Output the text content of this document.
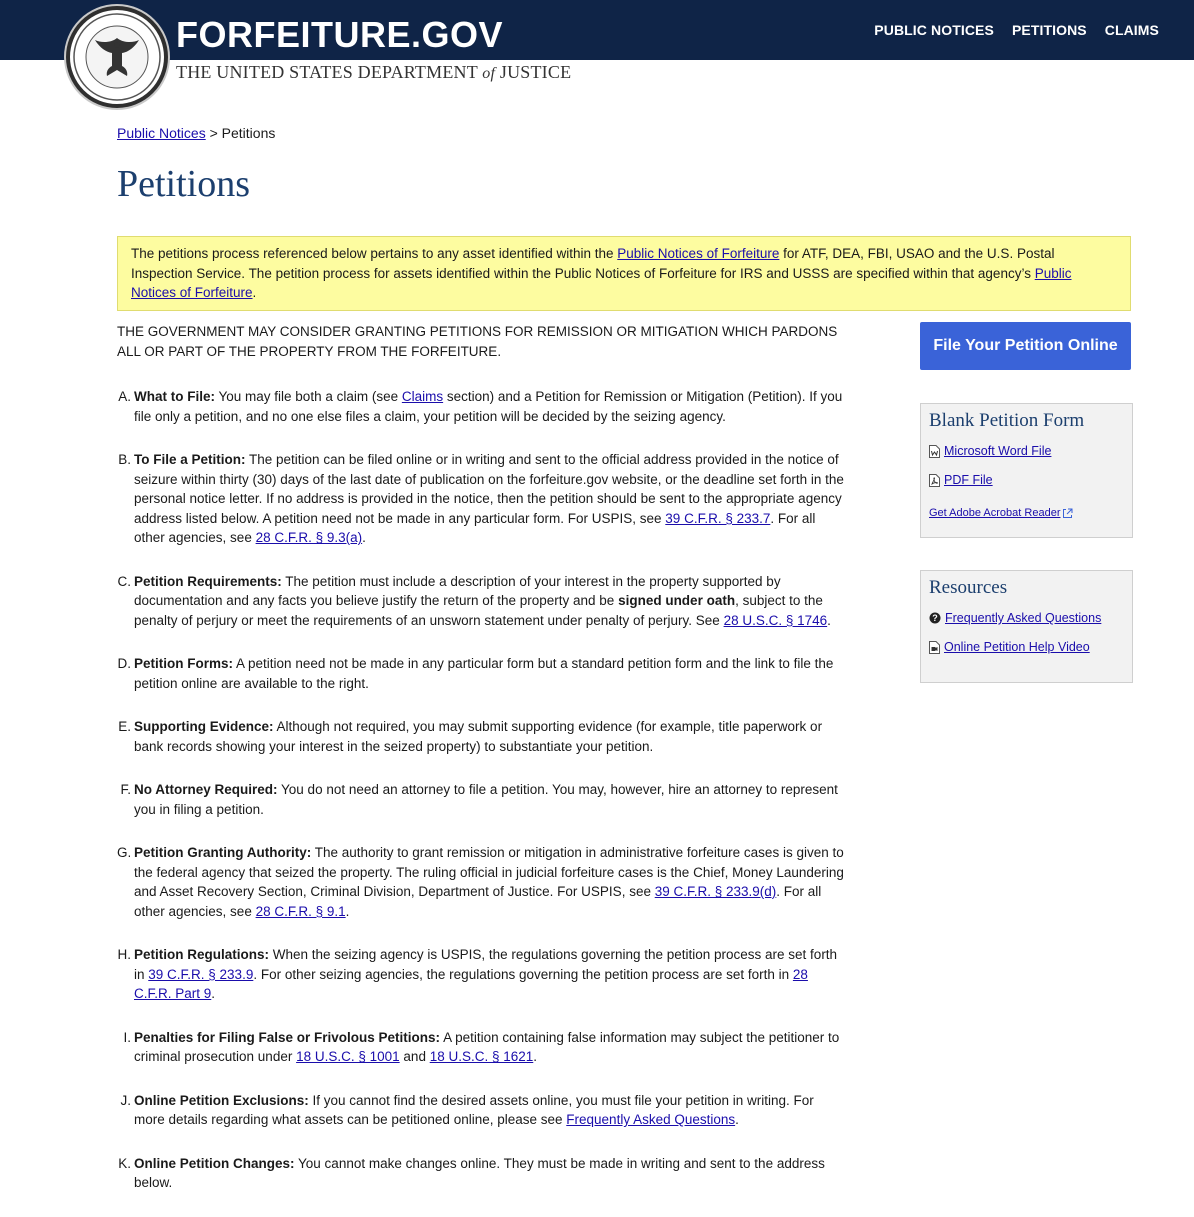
PUBLIC NOTICES PETITIONS CLAIMS
FORFEITURE.GOV
THE UNITED STATES DEPARTMENT of JUSTICE
Public Notices > Petitions
Petitions
The petitions process referenced below pertains to any asset identified within the Public Notices of Forfeiture for ATF, DEA, FBI, USAO and the U.S. Postal Inspection Service. The petition process for assets identified within the Public Notices of Forfeiture for IRS and USSS are specified within that agency’s Public Notices of Forfeiture.

THE GOVERNMENT MAY CONSIDER GRANTING PETITIONS FOR REMISSION OR MITIGATION WHICH PARDONS ALL OR PART OF THE PROPERTY FROM THE FORFEITURE.

A. What to File: You may file both a claim (see Claims section) and a Petition for Remission or Mitigation (Petition). If you file only a petition, and no one else files a claim, your petition will be decided by the seizing agency.
B. To File a Petition: The petition can be filed online or in writing and sent to the official address provided in the notice of seizure within thirty (30) days of the last date of publication on the forfeiture.gov website, or the deadline set forth in the personal notice letter. If no address is provided in the notice, then the petition should be sent to the appropriate agency address listed below. A petition need not be made in any particular form. For USPIS, see 39 C.F.R. § 233.7. For all other agencies, see 28 C.F.R. § 9.3(a).
C. Petition Requirements: The petition must include a description of your interest in the property supported by documentation and any facts you believe justify the return of the property and be signed under oath, subject to the penalty of perjury or meet the requirements of an unsworn statement under penalty of perjury. See 28 U.S.C. § 1746.
D. Petition Forms: A petition need not be made in any particular form but a standard petition form and the link to file the petition online are available to the right.
E. Supporting Evidence: Although not required, you may submit supporting evidence (for example, title paperwork or bank records showing your interest in the seized property) to substantiate your petition.
F. No Attorney Required: You do not need an attorney to file a petition. You may, however, hire an attorney to represent you in filing a petition.
G. Petition Granting Authority: The authority to grant remission or mitigation in administrative forfeiture cases is given to the federal agency that seized the property. The ruling official in judicial forfeiture cases is the Chief, Money Laundering and Asset Recovery Section, Criminal Division, Department of Justice. For USPIS, see 39 C.F.R. § 233.9(d). For all other agencies, see 28 C.F.R. § 9.1.
H. Petition Regulations: When the seizing agency is USPIS, the regulations governing the petition process are set forth in 39 C.F.R. § 233.9. For other seizing agencies, the regulations governing the petition process are set forth in 28 C.F.R. Part 9.
I. Penalties for Filing False or Frivolous Petitions: A petition containing false information may subject the petitioner to criminal prosecution under 18 U.S.C. § 1001 and 18 U.S.C. § 1621.
J. Online Petition Exclusions: If you cannot find the desired assets online, you must file your petition in writing. For more details regarding what assets can be petitioned online, please see Frequently Asked Questions.
K. Online Petition Changes: You cannot make changes online. They must be made in writing and sent to the address below.
File Your Petition Online
Blank Petition Form
Microsoft Word File
PDF File
Get Adobe Acrobat Reader
Resources
? Frequently Asked Questions
Online Petition Help Video
